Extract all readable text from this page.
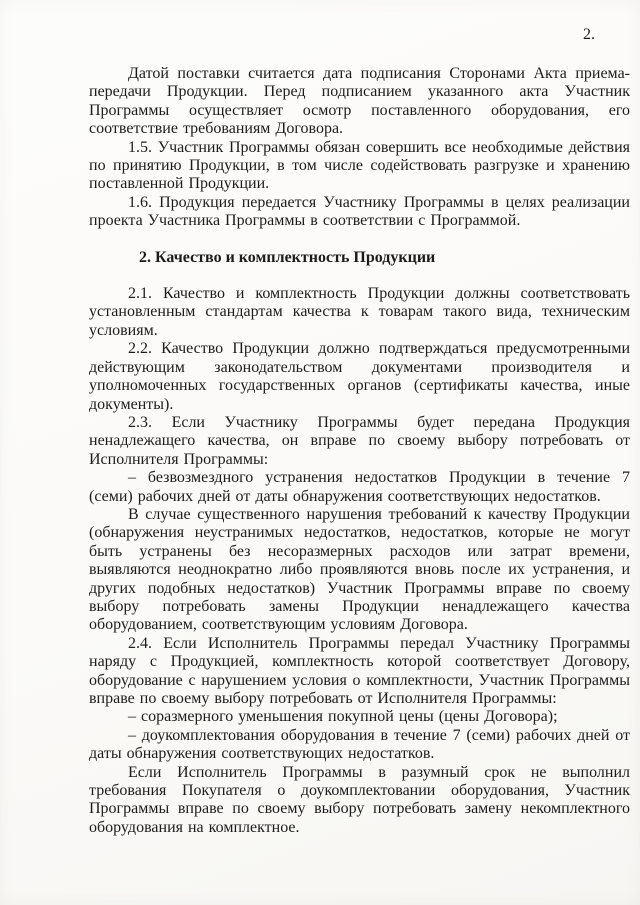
2.

Датой поставки считается дата подписания Сторонами Акта приема-передачи Продукции. Перед подписанием указанного акта Участник Программы осуществляет осмотр поставленного оборудования, его соответствие требованиям Договора.

1.5. Участник Программы обязан совершить все необходимые действия по принятию Продукции, в том числе содействовать разгрузке и хранению поставленной Продукции.

1.6. Продукция передается Участнику Программы в целях реализации проекта Участника Программы в соответствии с Программой.

2. Качество и комплектность Продукции

2.1. Качество и комплектность Продукции должны соответствовать установленным стандартам качества к товарам такого вида, техническим условиям.

2.2. Качество Продукции должно подтверждаться предусмотренными действующим законодательством документами производителя и уполномоченных государственных органов (сертификаты качества, иные документы).

2.3. Если Участнику Программы будет передана Продукция ненадлежащего качества, он вправе по своему выбору потребовать от Исполнителя Программы:

– безвозмездного устранения недостатков Продукции в течение 7 (семи) рабочих дней от даты обнаружения соответствующих недостатков.

В случае существенного нарушения требований к качеству Продукции (обнаружения неустранимых недостатков, недостатков, которые не могут быть устранены без несоразмерных расходов или затрат времени, выявляются неоднократно либо проявляются вновь после их устранения, и других подобных недостатков) Участник Программы вправе по своему выбору потребовать замены Продукции ненадлежащего качества оборудованием, соответствующим условиям Договора.

2.4. Если Исполнитель Программы передал Участнику Программы наряду с Продукцией, комплектность которой соответствует Договору, оборудование с нарушением условия о комплектности, Участник Программы вправе по своему выбору потребовать от Исполнителя Программы:

– соразмерного уменьшения покупной цены (цены Договора);

– доукомплектования оборудования в течение 7 (семи) рабочих дней от даты обнаружения соответствующих недостатков.

Если Исполнитель Программы в разумный срок не выполнил требования Покупателя о доукомплектовании оборудования, Участник Программы вправе по своему выбору потребовать замену некомплектного оборудования на комплектное.
